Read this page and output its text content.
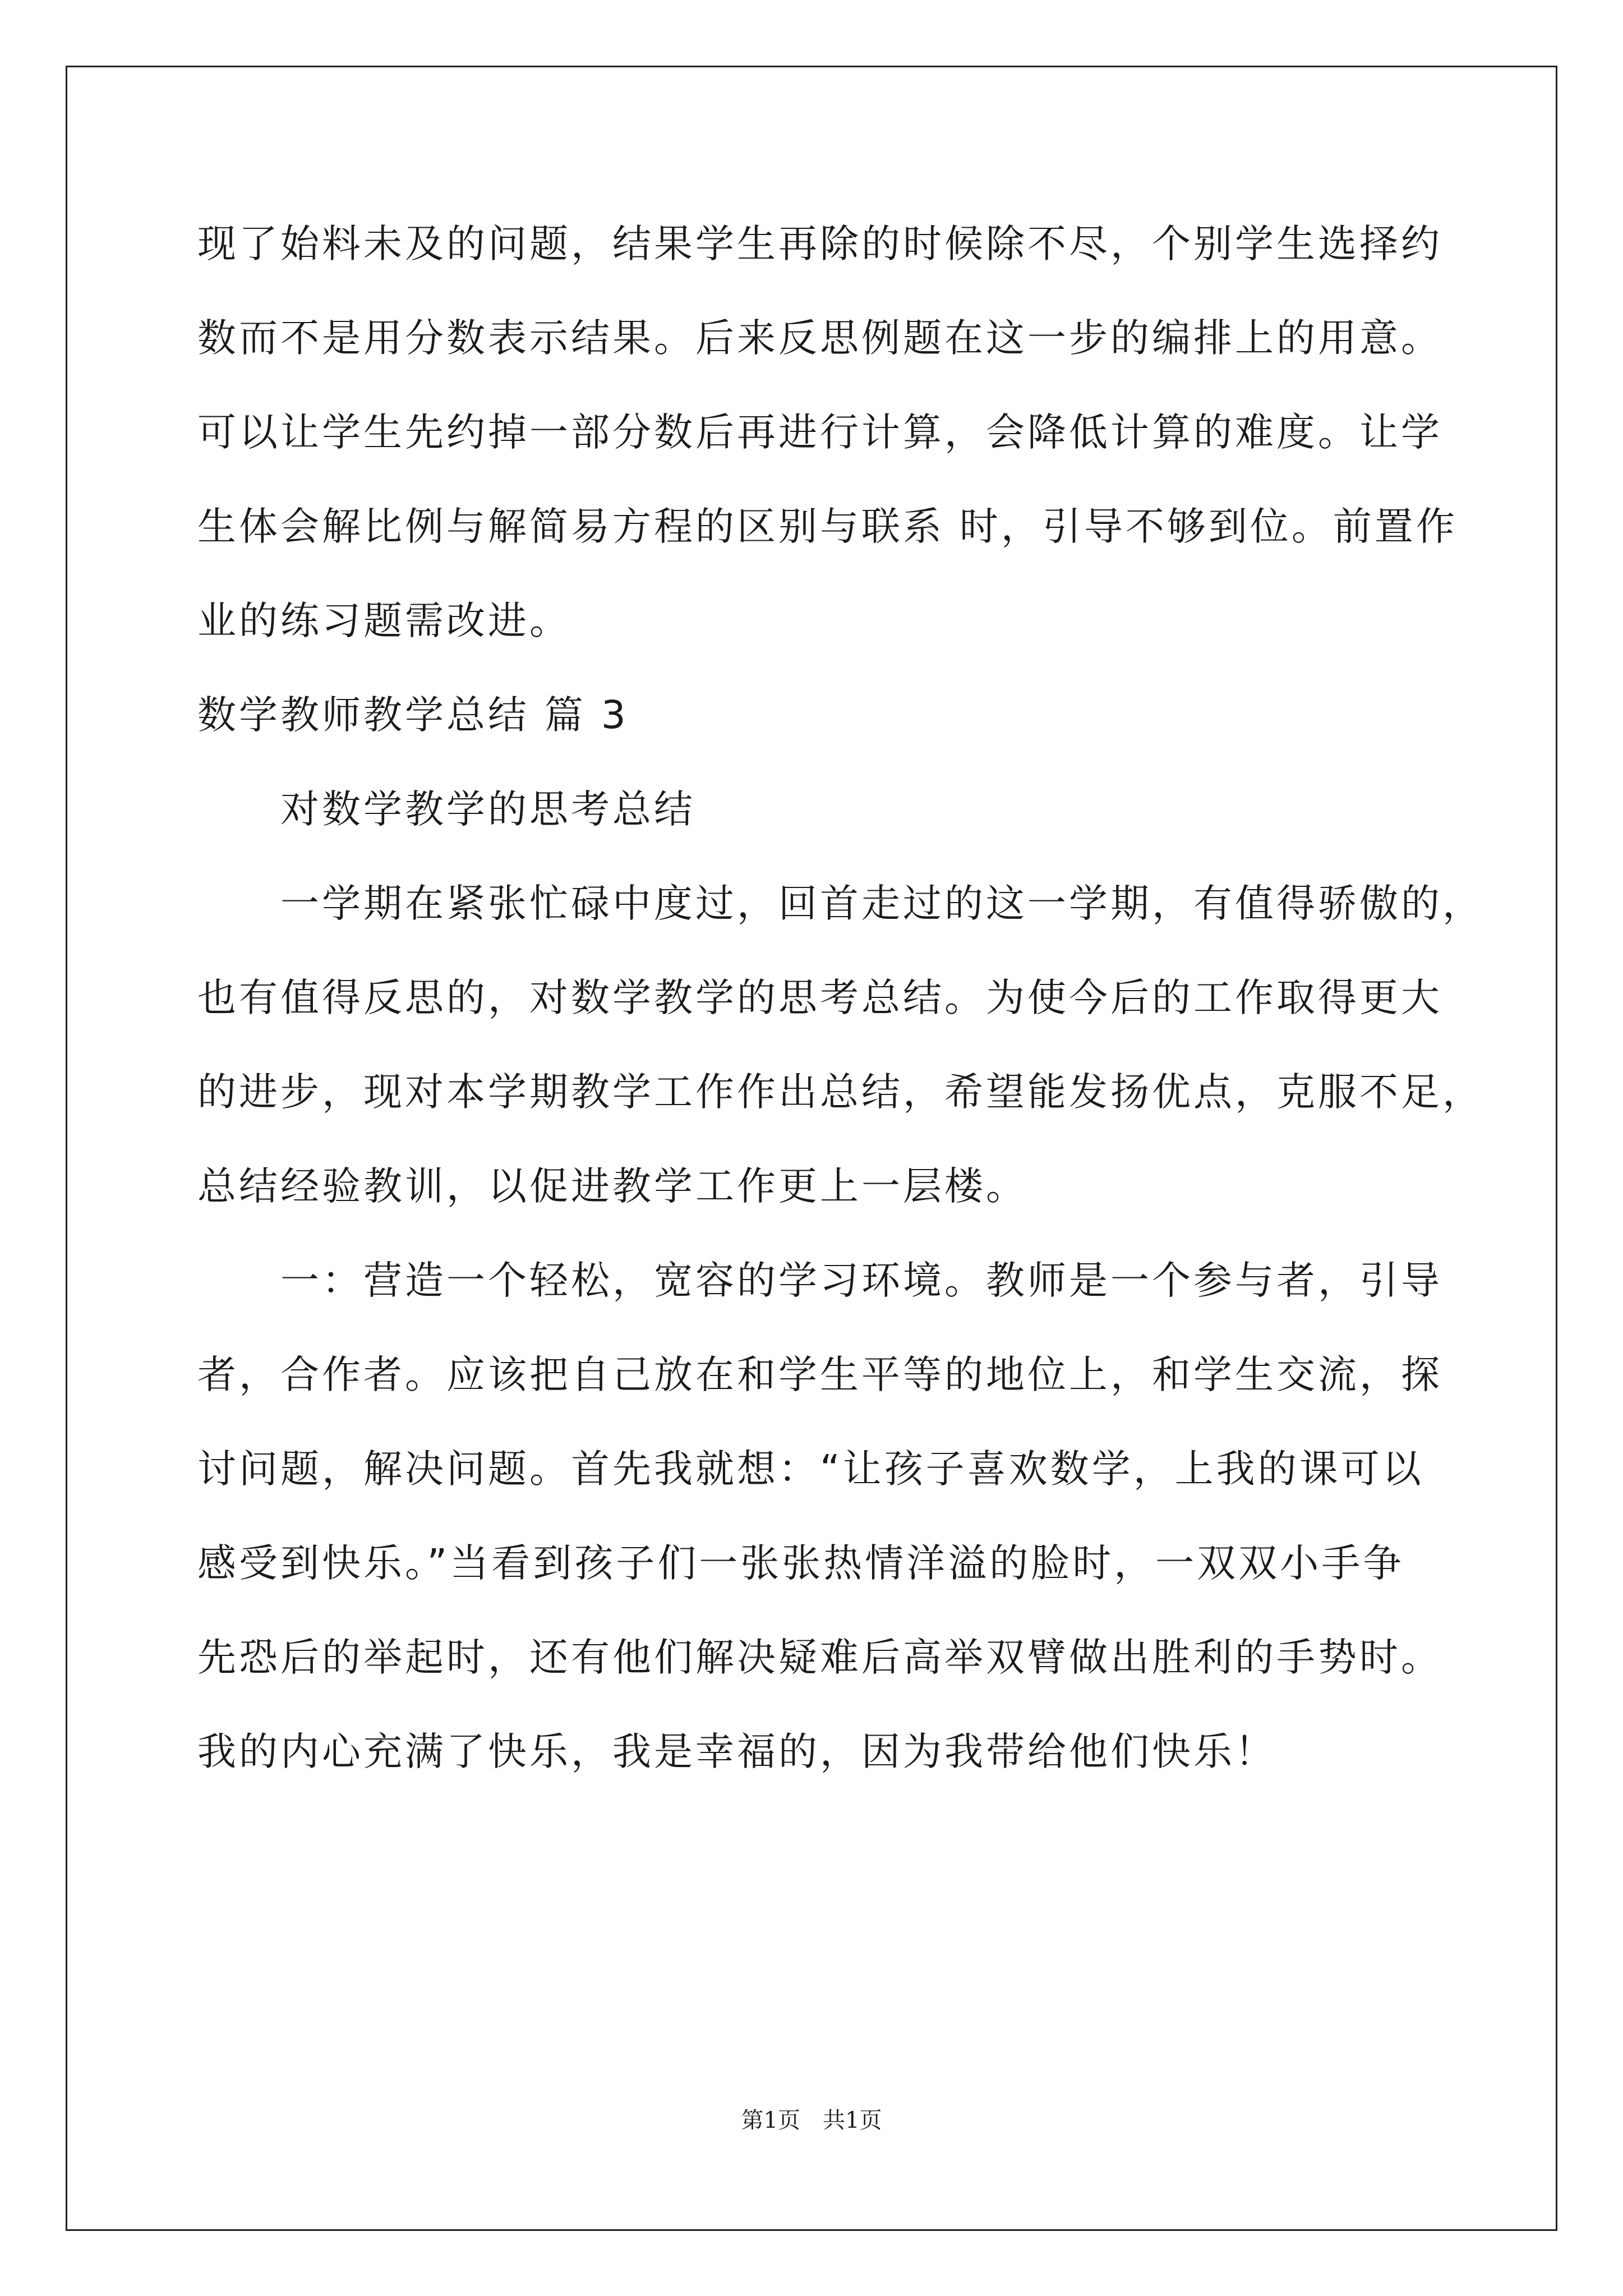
现了始料未及的问题，结果学生再除的时候除不尽，个别学生选择约
数而不是用分数表示结果。后来反思例题在这一步的编排上的用意。
可以让学生先约掉一部分数后再进行计算，会降低计算的难度。让学
生体会解比例与解简易方程的区别与联系 时，引导不够到位。前置作
业的练习题需改进。
数学教师教学总结 篇 3
对数学教学的思考总结
一学期在紧张忙碌中度过，回首走过的这一学期，有值得骄傲的，
也有值得反思的，对数学教学的思考总结。为使今后的工作取得更大
的进步，现对本学期教学工作作出总结，希望能发扬优点，克服不足，
总结经验教训，以促进教学工作更上一层楼。
一：营造一个轻松，宽容的学习环境。教师是一个参与者，引导
者，合作者。应该把自己放在和学生平等的地位上，和学生交流，探
讨问题，解决问题。首先我就想：“让孩子喜欢数学，上我的课可以
感受到快乐。”当看到孩子们一张张热情洋溢的脸时，一双双小手争
先恐后的举起时，还有他们解决疑难后高举双臂做出胜利的手势时。
我的内心充满了快乐，我是幸福的，因为我带给他们快乐！
第1页 共1页
